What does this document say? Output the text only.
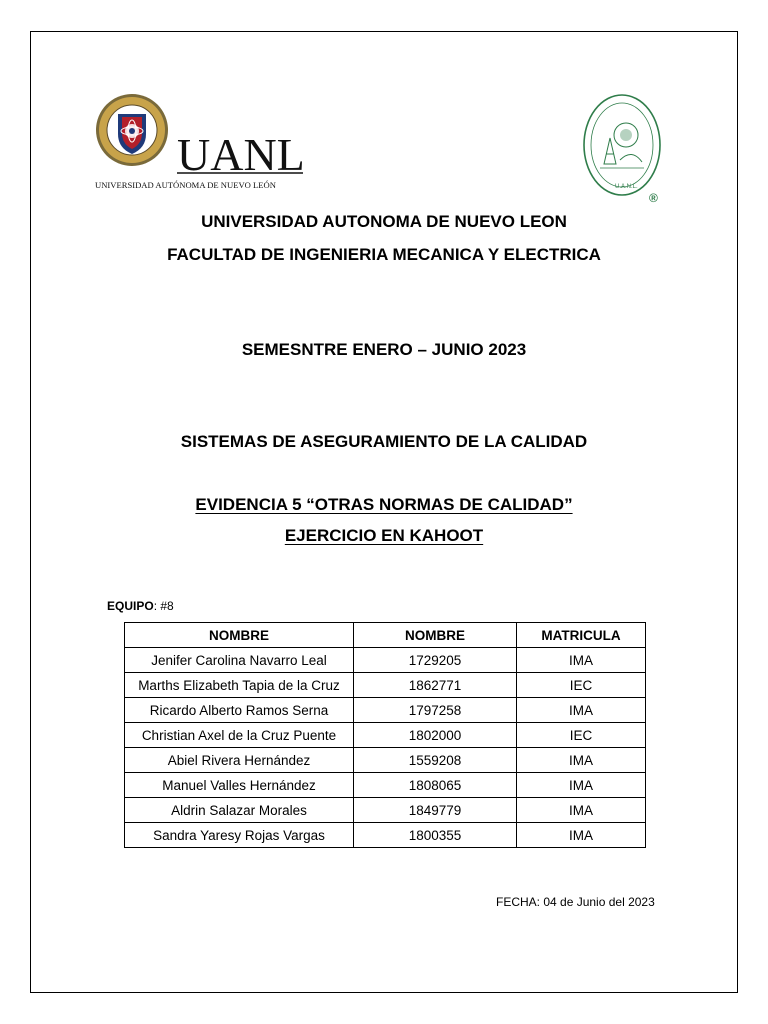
UANL
UNIVERSIDAD AUTÓNOMA DE NUEVO LEÓN	U.A.N.L.
®
UNIVERSIDAD AUTONOMA DE NUEVO LEON
FACULTAD DE INGENIERIA MECANICA Y ELECTRICA
SEMESNTRE ENERO – JUNIO 2023
SISTEMAS DE ASEGURAMIENTO DE LA CALIDAD
EVIDENCIA 5 “OTRAS NORMAS DE CALIDAD”
EJERCICIO EN KAHOOT
EQUIPO: #8
NOMBRE	NOMBRE	MATRICULA
Jenifer Carolina Navarro Leal	1729205	IMA
Marths Elizabeth Tapia de la Cruz	1862771	IEC
Ricardo Alberto Ramos Serna	1797258	IMA
Christian Axel de la Cruz Puente	1802000	IEC
Abiel Rivera Hernández	1559208	IMA
Manuel Valles Hernández	1808065	IMA
Aldrin Salazar Morales	1849779	IMA
Sandra Yaresy Rojas Vargas	1800355	IMA
FECHA: 04 de Junio del 2023
